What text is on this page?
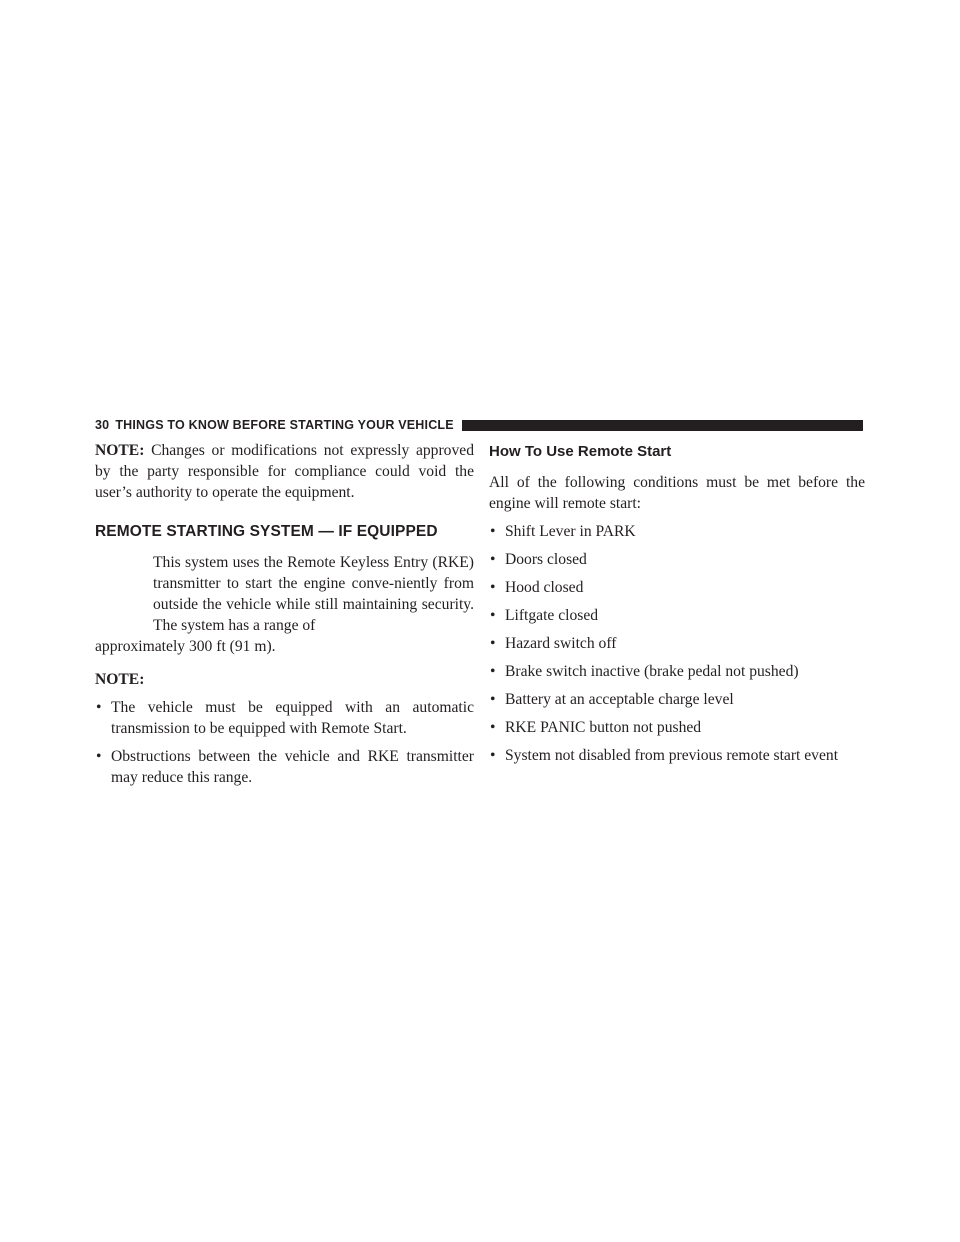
30 THINGS TO KNOW BEFORE STARTING YOUR VEHICLE

NOTE: Changes or modifications not expressly approved by the party responsible for compliance could void the user’s authority to operate the equipment.

REMOTE STARTING SYSTEM — IF EQUIPPED

This system uses the Remote Keyless Entry (RKE) transmitter to start the engine conve-niently from outside the vehicle while still maintaining security. The system has a range of

approximately 300 ft (91 m).

NOTE:

• The vehicle must be equipped with an automatic transmission to be equipped with Remote Start.
• Obstructions between the vehicle and RKE transmitter may reduce this range.
How To Use Remote Start

All of the following conditions must be met before the engine will remote start:

• Shift Lever in PARK
• Doors closed
• Hood closed
• Liftgate closed
• Hazard switch off
• Brake switch inactive (brake pedal not pushed)
• Battery at an acceptable charge level
• RKE PANIC button not pushed
• System not disabled from previous remote start event
